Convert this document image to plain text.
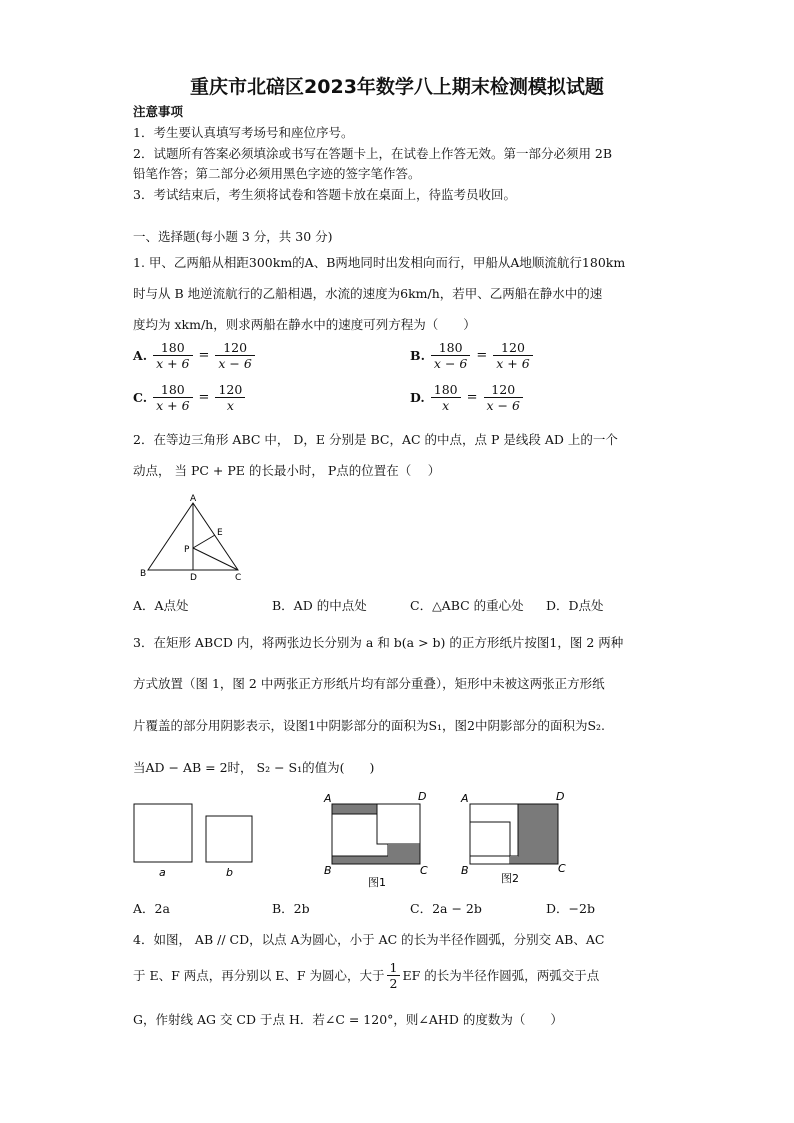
重庆市北碚区2023年数学八上期末检测模拟试题
注意事项
1．考生要认真填写考场号和座位序号。
2．试题所有答案必须填涂或书写在答题卡上，在试卷上作答无效。第一部分必须用 2B
铅笔作答；第二部分必须用黑色字迹的签字笔作答。
3．考试结束后，考生须将试卷和答题卡放在桌面上，待监考员收回。
一、选择题(每小题 3 分，共 30 分)
1. 甲、乙两船从相距300km的A、B两地同时出发相向而行，甲船从A地顺流航行180km
时与从 B 地逆流航行的乙船相遇，水流的速度为6km/h，若甲、乙两船在静水中的速
度均为 xkm/h，则求两船在静水中的速度可列方程为（　　）
A. $\frac{180}{x + 6} = \frac{120}{x - 6}$	B. $\frac{180}{x - 6} = \frac{120}{x + 6}$
C. $\frac{180}{x + 6} = \frac{120}{x}$	D. $\frac{180}{x} = \frac{120}{x - 6}$
2．在等边三角形 ABC 中， D，E 分别是 BC，AC 的中点，点 P 是线段 AD 上的一个
动点， 当 PC + PE 的长最小时， P点的位置在（　 ）
A
B	C
D
E
P
A．A点处	B．AD 的中点处	C．△ABC 的重心处 D．D点处
3．在矩形 ABCD 内，将两张边长分别为 a 和 b(a > b) 的正方形纸片按图1，图 2 两种
方式放置（图 1，图 2 中两张正方形纸片均有部分重叠），矩形中未被这两张正方形纸
片覆盖的部分用阴影表示，设图1中阴影部分的面积为S₁，图2中阴影部分的面积为S₂.
当AD − AB = 2时， S₂ − S₁的值为(　　)
a	b
A	D
B	C
图1
A	D
B	C
图2
A．2a	B．2b	C．2a − 2b	D．−2b
4．如图， AB // CD，以点 A为圆心，小于 AC 的长为半径作圆弧，分别交 AB、AC
于 E、F 两点，再分别以 E、F 为圆心，大于 $\frac{1}{2}$ EF 的长为半径作圆弧，两弧交于点
G，作射线 AG 交 CD 于点 H．若∠C = 120°，则∠AHD 的度数为（　　）
